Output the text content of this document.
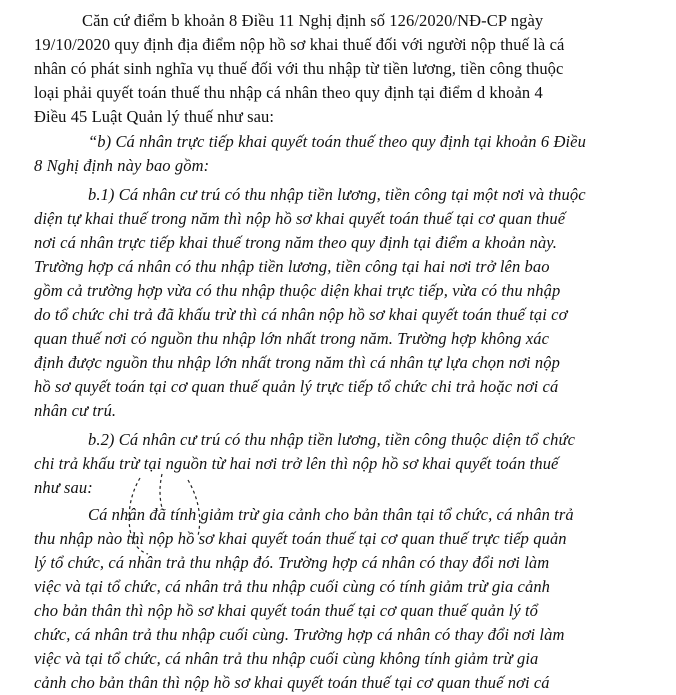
Căn cứ điểm b khoản 8 Điều 11 Nghị định số 126/2020/NĐ-CP ngày
19/10/2020 quy định địa điểm nộp hồ sơ khai thuế đối với người nộp thuế là cá
nhân có phát sinh nghĩa vụ thuế đối với thu nhập từ tiền lương, tiền công thuộc
loại phải quyết toán thuế thu nhập cá nhân theo quy định tại điểm d khoản 4
Điều 45 Luật Quản lý thuế như sau:
“b) Cá nhân trực tiếp khai quyết toán thuế theo quy định tại khoản 6 Điều
8 Nghị định này bao gồm:
b.1) Cá nhân cư trú có thu nhập tiền lương, tiền công tại một nơi và thuộc
diện tự khai thuế trong năm thì nộp hồ sơ khai quyết toán thuế tại cơ quan thuế
nơi cá nhân trực tiếp khai thuế trong năm theo quy định tại điểm a khoản này.
Trường hợp cá nhân có thu nhập tiền lương, tiền công tại hai nơi trở lên bao
gồm cả trường hợp vừa có thu nhập thuộc diện khai trực tiếp, vừa có thu nhập
do tổ chức chi trả đã khấu trừ thì cá nhân nộp hồ sơ khai quyết toán thuế tại cơ
quan thuế nơi có nguồn thu nhập lớn nhất trong năm. Trường hợp không xác
định được nguồn thu nhập lớn nhất trong năm thì cá nhân tự lựa chọn nơi nộp
hồ sơ quyết toán tại cơ quan thuế quản lý trực tiếp tổ chức chi trả hoặc nơi cá
nhân cư trú.
b.2) Cá nhân cư trú có thu nhập tiền lương, tiền công thuộc diện tổ chức
chi trả khấu trừ tại nguồn từ hai nơi trở lên thì nộp hồ sơ khai quyết toán thuế
như sau:
Cá nhân đã tính giảm trừ gia cảnh cho bản thân tại tổ chức, cá nhân trả
thu nhập nào thì nộp hồ sơ khai quyết toán thuế tại cơ quan thuế trực tiếp quản
lý tổ chức, cá nhân trả thu nhập đó. Trường hợp cá nhân có thay đổi nơi làm
việc và tại tổ chức, cá nhân trả thu nhập cuối cùng có tính giảm trừ gia cảnh
cho bản thân thì nộp hồ sơ khai quyết toán thuế tại cơ quan thuế quản lý tổ
chức, cá nhân trả thu nhập cuối cùng. Trường hợp cá nhân có thay đổi nơi làm
việc và tại tổ chức, cá nhân trả thu nhập cuối cùng không tính giảm trừ gia
cảnh cho bản thân thì nộp hồ sơ khai quyết toán thuế tại cơ quan thuế nơi cá
